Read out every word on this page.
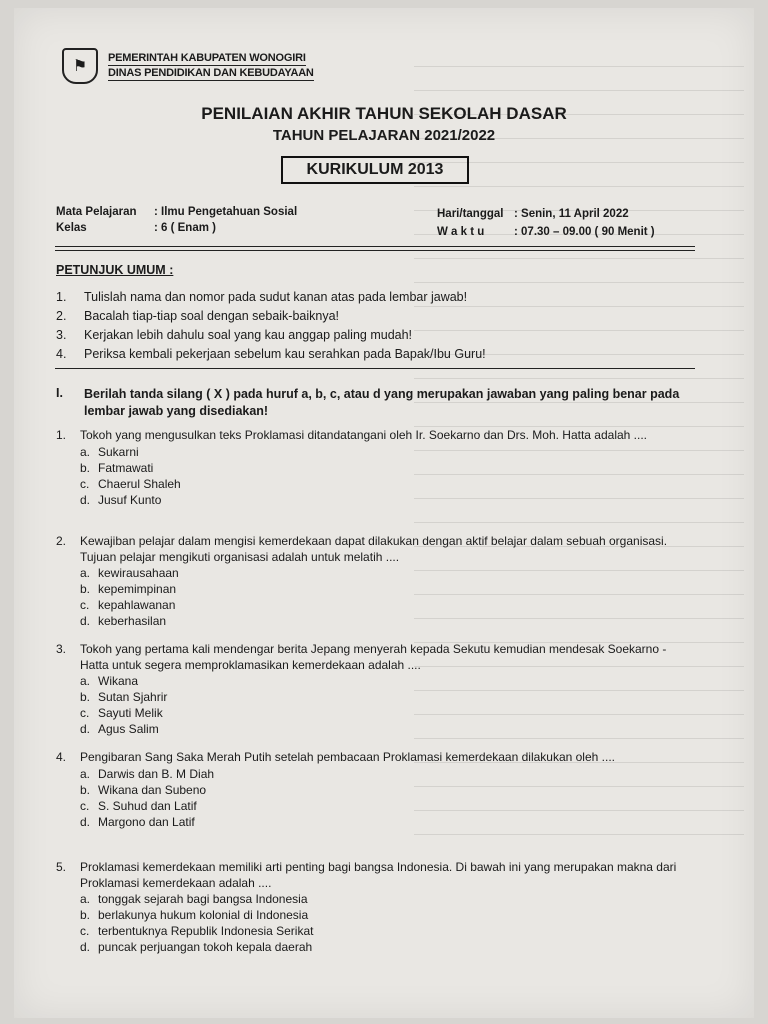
⚑	PEMERINTAH KABUPATEN WONOGIRI
DINAS PENDIDIKAN DAN KEBUDAYAAN
PENILAIAN AKHIR TAHUN SEKOLAH DASAR
TAHUN PELAJARAN 2021/2022
KURIKULUM 2013
Mata Pelajaran : Ilmu Pengetahuan Sosial
Kelas	: 6 ( Enam )
Hari/tanggal : Senin, 11 April 2022
W a k t u	: 07.30 – 09.00 ( 90 Menit )
PETUNJUK UMUM :
1.	Tulislah nama dan nomor pada sudut kanan atas pada lembar jawab!
2.	Bacalah tiap-tiap soal dengan sebaik-baiknya!
3.	Kerjakan lebih dahulu soal yang kau anggap paling mudah!
4.	Periksa kembali pekerjaan sebelum kau serahkan pada Bapak/Ibu Guru!
I.	Berilah tanda silang ( X ) pada huruf a, b, c, atau d yang merupakan jawaban yang paling benar pada lembar jawab yang disediakan!
1.	Tokoh yang mengusulkan teks Proklamasi ditandatangani oleh Ir. Soekarno dan Drs. Moh. Hatta adalah ....
a. Sukarni
b. Fatmawati
c. Chaerul Shaleh
d. Jusuf Kunto
2.	Kewajiban pelajar dalam mengisi kemerdekaan dapat dilakukan dengan aktif belajar dalam sebuah organisasi. Tujuan pelajar mengikuti organisasi adalah untuk melatih ....
a. kewirausahaan
b. kepemimpinan
c. kepahlawanan
d. keberhasilan
3.	Tokoh yang pertama kali mendengar berita Jepang menyerah kepada Sekutu kemudian mendesak Soekarno - Hatta untuk segera memproklamasikan kemerdekaan adalah ....
a. Wikana
b. Sutan Sjahrir
c. Sayuti Melik
d. Agus Salim
4.	Pengibaran Sang Saka Merah Putih setelah pembacaan Proklamasi kemerdekaan dilakukan oleh ....
a. Darwis dan B. M Diah
b. Wikana dan Subeno
c. S. Suhud dan Latif
d. Margono dan Latif
5.	Proklamasi kemerdekaan memiliki arti penting bagi bangsa Indonesia. Di bawah ini yang merupakan makna dari Proklamasi kemerdekaan adalah ....
a. tonggak sejarah bagi bangsa Indonesia
b. berlakunya hukum kolonial di Indonesia
c. terbentuknya Republik Indonesia Serikat
d. puncak perjuangan tokoh kepala daerah
